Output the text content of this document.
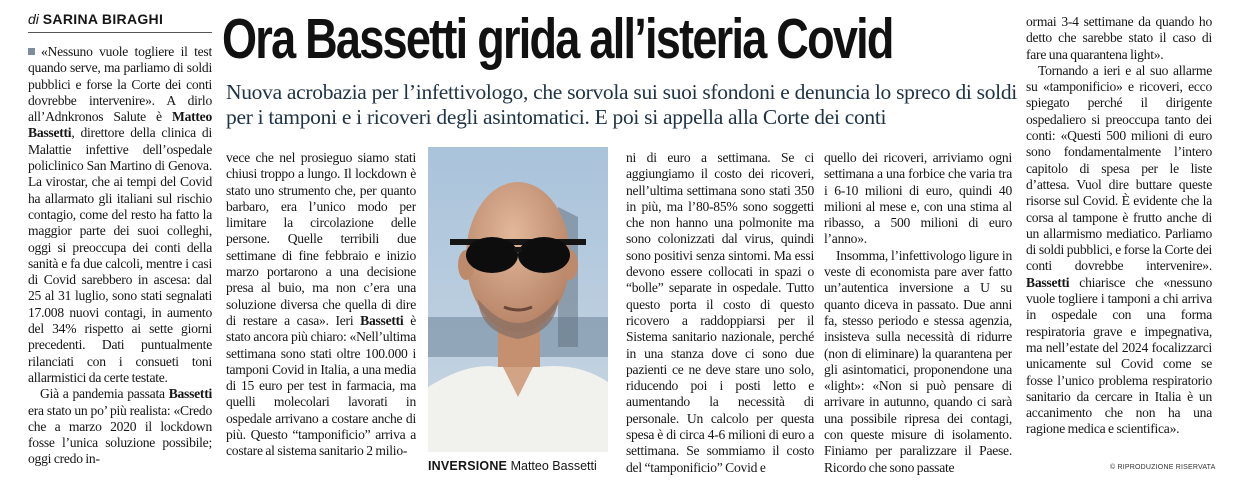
di SARINA BIRAGHI	Ora Bassetti grida all’isteria Covid

Nuova acrobazia per l’infettivologo, che sorvola sui suoi sfondoni e denuncia lo spreco di soldi per i tamponi e i ricoveri degli asintomatici. E poi si appella alla Corte dei conti

«Nessuno vuole togliere il test quando serve, ma parliamo di soldi pubblici e forse la Corte dei conti dovrebbe intervenire». A dirlo all’Adnkronos Salute è Matteo Bassetti, direttore della clinica di Malattie infettive dell’ospedale policlinico San Martino di Genova. La virostar, che ai tempi del Covid ha allarmato gli italiani sul rischio contagio, come del resto ha fatto la maggior parte dei suoi colleghi, oggi si preoccupa dei conti della sanità e fa due calcoli, mentre i casi di Covid sarebbero in ascesa: dal 25 al 31 luglio, sono stati segnalati 17.008 nuovi contagi, in aumento del 34% rispetto ai sette giorni precedenti. Dati puntualmente rilanciati con i consueti toni allarmistici da certe testate.

Già a pandemia passata Bassetti era stato un po’ più realista: «Credo che a marzo 2020 il lockdown fosse l’unica soluzione possibile; oggi credo in-

vece che nel prosieguo siamo stati chiusi troppo a lungo. Il lockdown è stato uno strumento che, per quanto barbaro, era l’unico modo per limitare la circolazione delle persone. Quelle terribili due settimane di fine febbraio e inizio marzo portarono a una decisione presa al buio, ma non c’era una soluzione diversa che quella di dire di restare a casa». Ieri Bassetti è stato ancora più chiaro: «Nell’ultima settimana sono stati oltre 100.000 i tamponi Covid in Italia, a una media di 15 euro per test in farmacia, ma quelli molecolari lavorati in ospedale arrivano a costare anche di più. Questo “tamponificio” arriva a costare al sistema sanitario 2 milio-

INVERSIONE Matteo Bassetti

ni di euro a settimana. Se ci aggiungiamo il costo dei ricoveri, nell’ultima settimana sono stati 350 in più, ma l’80-85% sono soggetti che non hanno una polmonite ma sono colonizzati dal virus, quindi sono positivi senza sintomi. Ma essi devono essere collocati in spazi o “bolle” separate in ospedale. Tutto questo porta il costo di questo ricovero a raddoppiarsi per il Sistema sanitario nazionale, perché in una stanza dove ci sono due pazienti ce ne deve stare uno solo, riducendo poi i posti letto e aumentando la necessità di personale. Un calcolo per questa spesa è di circa 4-6 milioni di euro a settimana. Se sommiamo il costo del “tamponificio” Covid e

quello dei ricoveri, arriviamo ogni settimana a una forbice che varia tra i 6-10 milioni di euro, quindi 40 milioni al mese e, con una stima al ribasso, a 500 milioni di euro l’anno».

Insomma, l’infettivologo ligure in veste di economista pare aver fatto un’autentica inversione a U su quanto diceva in passato. Due anni fa, stesso periodo e stessa agenzia, insisteva sulla necessità di ridurre (non di eliminare) la quarantena per gli asintomatici, proponendone una «light»: «Non si può pensare di arrivare in autunno, quando ci sarà una possibile ripresa dei contagi, con queste misure di isolamento. Finiamo per paralizzare il Paese. Ricordo che sono passate

ormai 3-4 settimane da quando ho detto che sarebbe stato il caso di fare una quarantena light».

Tornando a ieri e al suo allarme su «tamponificio» e ricoveri, ecco spiegato perché il dirigente ospedaliero si preoccupa tanto dei conti: «Questi 500 milioni di euro sono fondamentalmente l’intero capitolo di spesa per le liste d’attesa. Vuol dire buttare queste risorse sul Covid. È evidente che la corsa al tampone è frutto anche di un allarmismo mediatico. Parliamo di soldi pubblici, e forse la Corte dei conti dovrebbe intervenire». Bassetti chiarisce che «nessuno vuole togliere i tamponi a chi arriva in ospedale con una forma respiratoria grave e impegnativa, ma nell’estate del 2024 focalizzarci unicamente sul Covid come se fosse l’unico problema respiratorio sanitario da cercare in Italia è un accanimento che non ha una ragione medica e scientifica».

© RIPRODUZIONE RISERVATA
